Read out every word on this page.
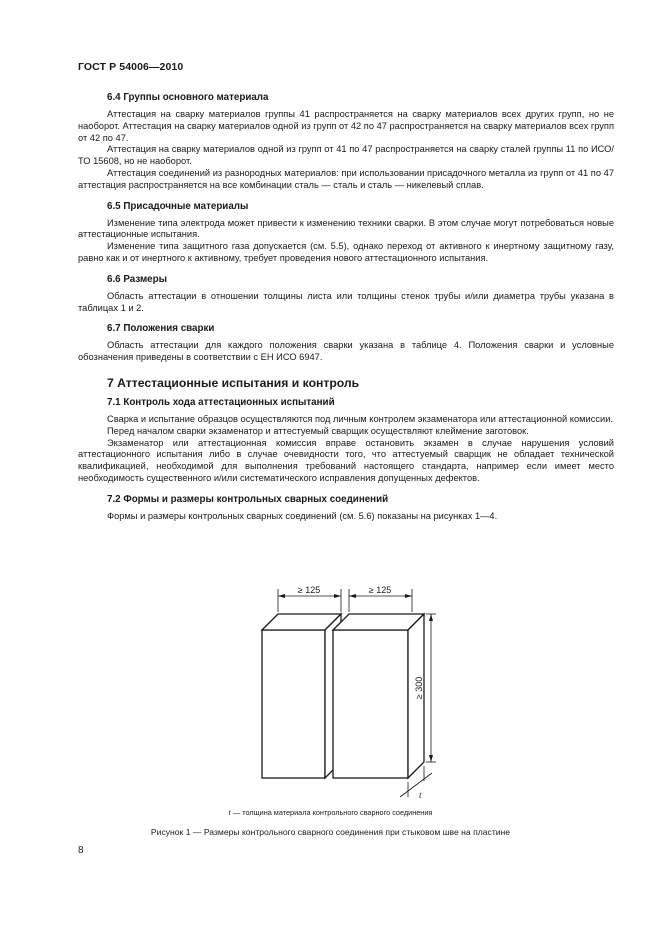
ГОСТ Р 54006—2010
6.4 Группы основного материала

Аттестация на сварку материалов группы 41 распространяется на сварку материалов всех других групп, но не наоборот. Аттестация на сварку материалов одной из групп от 42 по 47 распространяется на сварку материалов всех групп от 42 по 47.

Аттестация на сварку материалов одной из групп от 41 по 47 распространяется на сварку сталей группы 11 по ИСО/ТО 15608, но не наоборот.

Аттестация соединений из разнородных материалов: при использовании присадочного металла из групп от 41 по 47 аттестация распространяется на все комбинации сталь — сталь и сталь — никелевый сплав.

6.5 Присадочные материалы

Изменение типа электрода может привести к изменению техники сварки. В этом случае могут потребоваться новые аттестационные испытания.

Изменение типа защитного газа допускается (см. 5.5), однако переход от активного к инертному защитному газу, равно как и от инертного к активному, требует проведения нового аттестационного испытания.

6.6 Размеры

Область аттестации в отношении толщины листа или толщины стенок трубы и/или диаметра трубы указана в таблицах 1 и 2.

6.7 Положения сварки

Область аттестации для каждого положения сварки указана в таблице 4. Положения сварки и условные обозначения приведены в соответствии с ЕН ИСО 6947.

7 Аттестационные испытания и контроль
7.1 Контроль хода аттестационных испытаний

Сварка и испытание образцов осуществляются под личным контролем экзаменатора или аттестационной комиссии.

Перед началом сварки экзаменатор и аттестуемый сварщик осуществляют клеймение заготовок.

Экзаменатор или аттестационная комиссия вправе остановить экзамен в случае нарушения условий аттестационного испытания либо в случае очевидности того, что аттестуемый сварщик не обладает технической квалификацией, необходимой для выполнения требований настоящего стандарта, например если имеет место необходимость существенного и/или систематического исправления допущенных дефектов.

7.2 Формы и размеры контрольных сварных соединений

Формы и размеры контрольных сварных соединений (см. 5.6) показаны на рисунках 1—4.

≥ 125	≥ 125
≥ 300
t
t — толщина материала контрольного сварного соединения
Рисунок 1 — Размеры контрольного сварного соединения при стыковом шве на пластине
8
